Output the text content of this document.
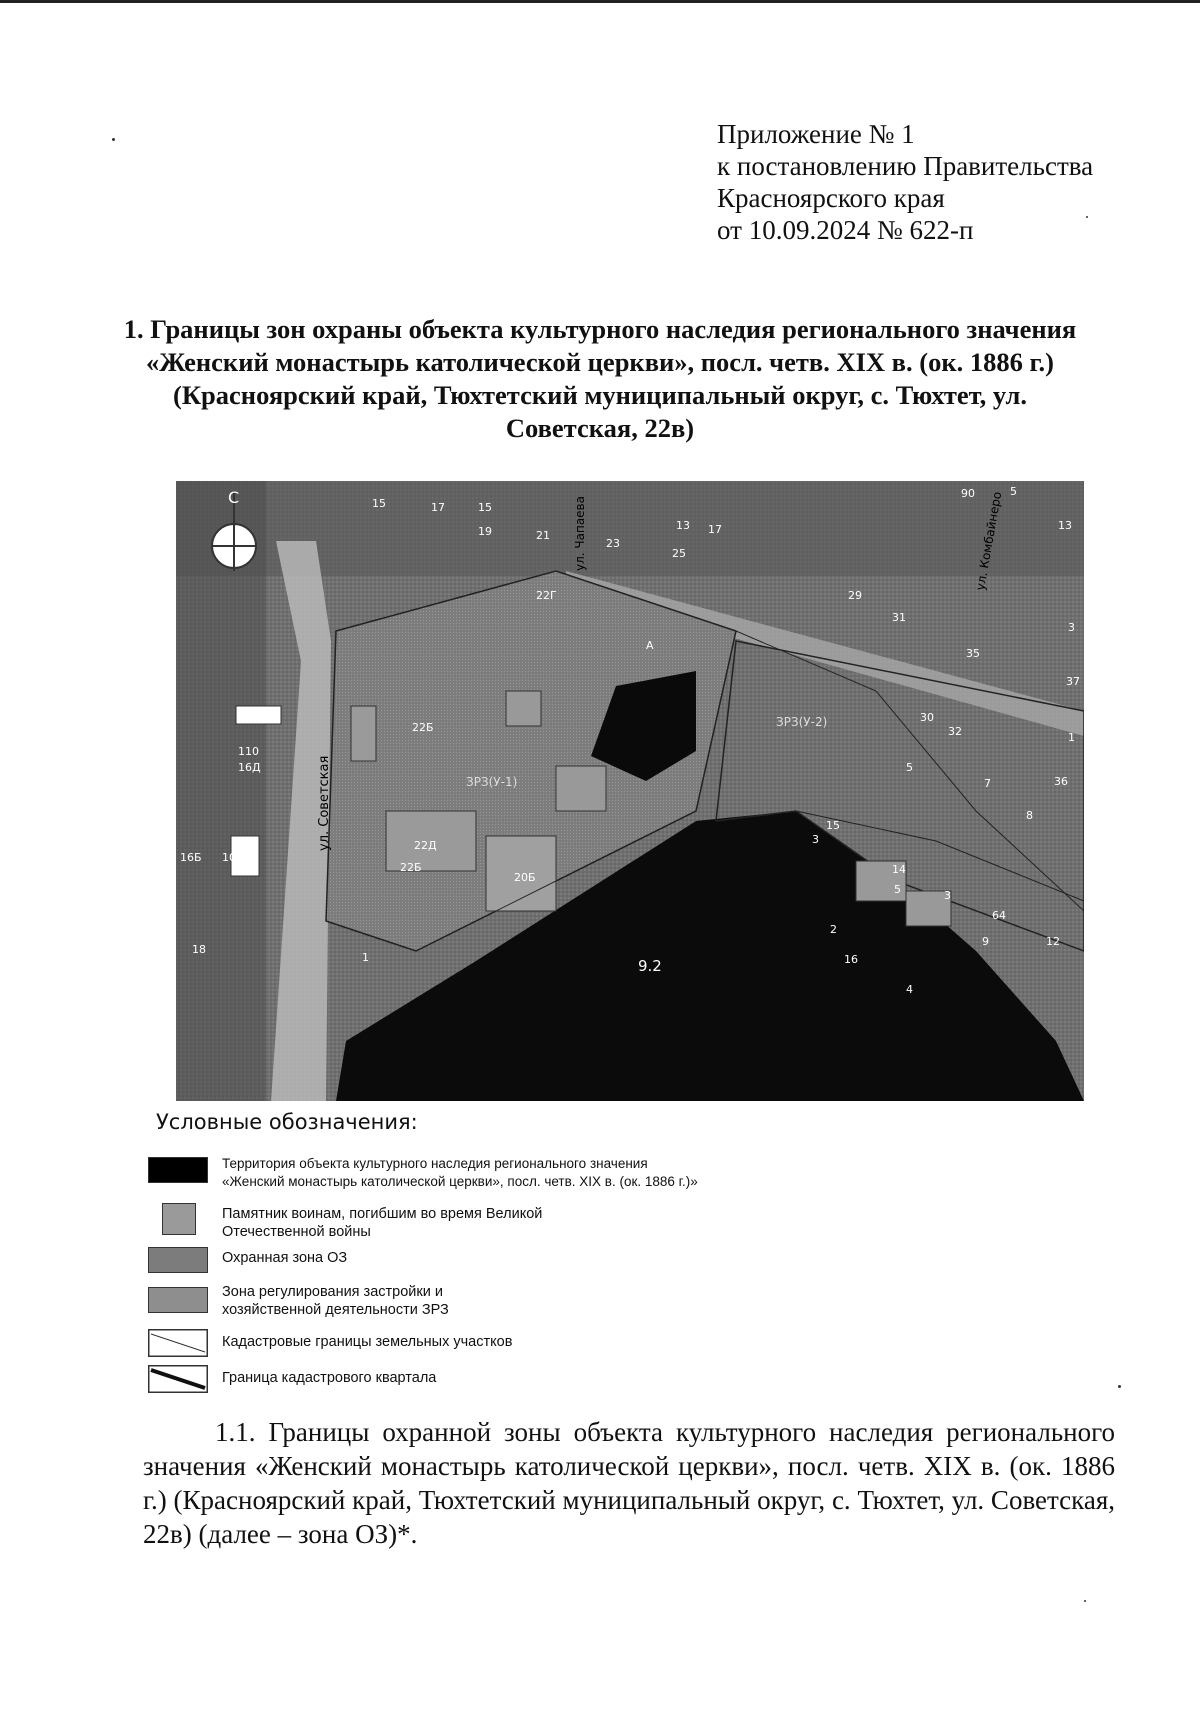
Приложение № 1
к постановлению Правительства
Красноярского края
от 10.09.2024 № 622-п
1. Границы зон охраны объекта культурного наследия регионального значения «Женский монастырь католической церкви», посл. четв. XIX в. (ок. 1886 г.) (Красноярский край, Тюхтетский муниципальный округ, с. Тюхтет, ул. Советская, 22в)
С
ул. Советская
ул. Чапаева	ул. Комбайнеро
ЗРЗ(У-1)
ЗРЗ(У-2)
9.2
15	17	15
19	21
23
25
13 17
29
31
35
37
30
32
5
7
8
36
15
3
14
5	3
64
9	12
16
2
4
22Г
22Б
22Д
20Б
22Б
110
16Д
16Б 10
18
1
90	5
13
3
1
А
Условные обозначения:
Территория объекта культурного наследия регионального значения
«Женский монастырь католической церкви», посл. четв. XIX в. (ок. 1886 г.)»
Памятник воинам, погибшим во время Великой
Отечественной войны
Охранная зона ОЗ
Зона регулирования застройки и
хозяйственной деятельности ЗРЗ
Кадастровые границы земельных участков
Граница кадастрового квартала
1.1. Границы охранной зоны объекта культурного наследия регионального значения «Женский монастырь католической церкви», посл. четв. XIX в. (ок. 1886 г.) (Красноярский край, Тюхтетский муниципальный округ, с. Тюхтет, ул. Советская, 22в) (далее – зона ОЗ)*.
